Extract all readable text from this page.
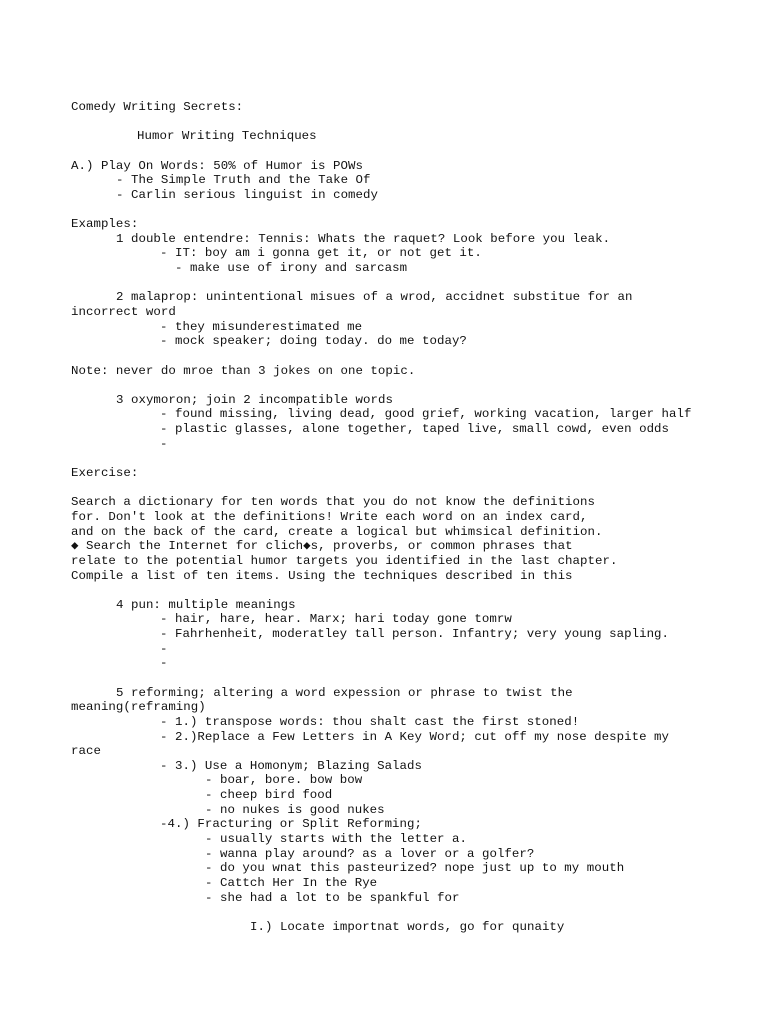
Comedy Writing Secrets:
Humor Writing Techniques
A.) Play On Words: 50% of Humor is POWs
- The Simple Truth and the Take Of
- Carlin serious linguist in comedy
Examples:
1 double entendre: Tennis: Whats the raquet? Look before you leak.
- IT: boy am i gonna get it, or not get it.
- make use of irony and sarcasm
2 malaprop: unintentional misues of a wrod, accidnet substitue for an
incorrect word
- they misunderestimated me
- mock speaker; doing today. do me today?
Note: never do mroe than 3 jokes on one topic.
3 oxymoron; join 2 incompatible words
- found missing, living dead, good grief, working vacation, larger half
- plastic glasses, alone together, taped live, small cowd, even odds
-
Exercise:
Search a dictionary for ten words that you do not know the definitions
for. Don't look at the definitions! Write each word on an index card,
and on the back of the card, create a logical but whimsical definition.
◆ Search the Internet for clich◆s, proverbs, or common phrases that
relate to the potential humor targets you identified in the last chapter.
Compile a list of ten items. Using the techniques described in this
4 pun: multiple meanings
- hair, hare, hear. Marx; hari today gone tomrw
- Fahrhenheit, moderatley tall person. Infantry; very young sapling.
-
-
5 reforming; altering a word expession or phrase to twist the
meaning(reframing)
- 1.) transpose words: thou shalt cast the first stoned!
- 2.)Replace a Few Letters in A Key Word; cut off my nose despite my
race
- 3.) Use a Homonym; Blazing Salads
- boar, bore. bow bow
- cheep bird food
- no nukes is good nukes
-4.) Fracturing or Split Reforming;
- usually starts with the letter a.
- wanna play around? as a lover or a golfer?
- do you wnat this pasteurized? nope just up to my mouth
- Cattch Her In the Rye
- she had a lot to be spankful for
I.) Locate importnat words, go for qunaity
